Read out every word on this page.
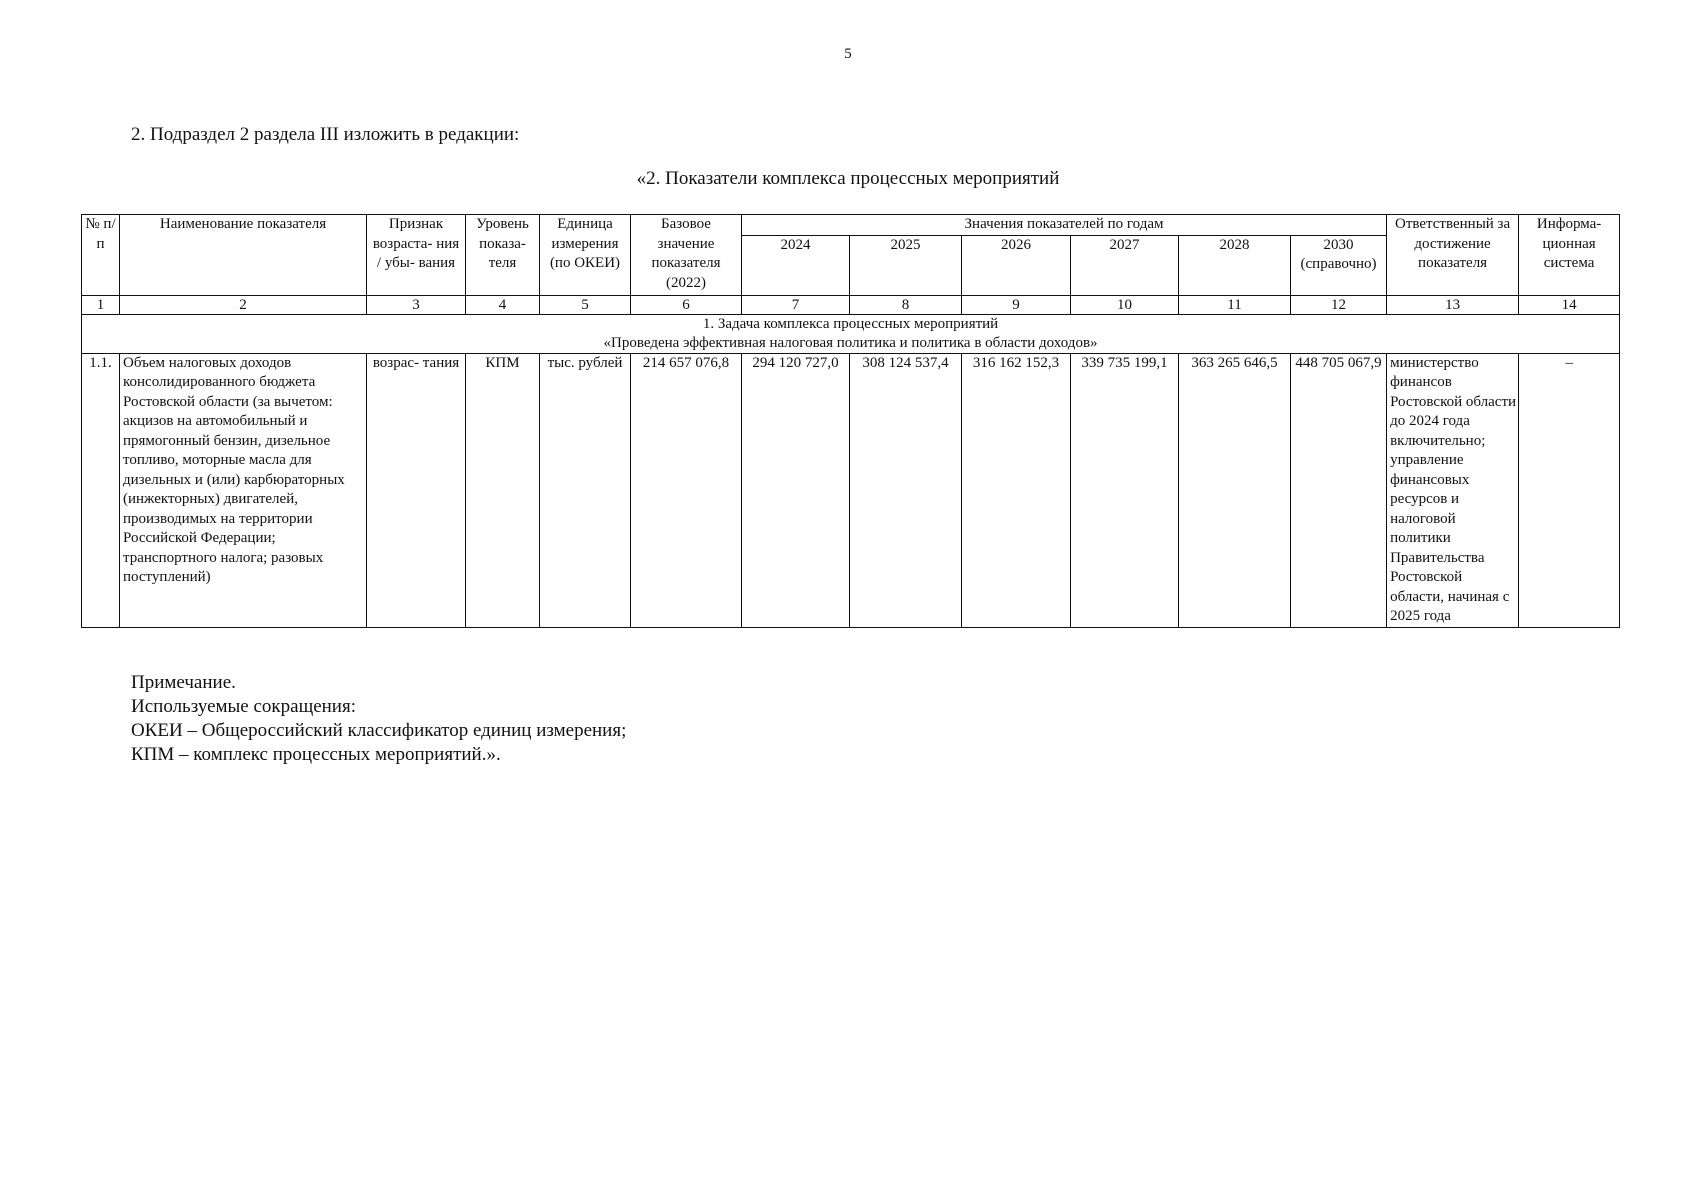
5
2. Подраздел 2 раздела III изложить в редакции:
«2. Показатели комплекса процессных мероприятий
№ п/п	Наименование показателя	Признак возраста- ния / убы- вания	Уровень показа- теля	Единица измерения (по ОКЕИ)	Базовое значение показателя (2022)	Значения показателей по годам						Ответственный за достижение показателя	Информа- ционная система
						2024	2025	2026	2027	2028	2030 (справочно)		
1	2	3	4	5	6	7	8	9	10	11	12	13	14

1. Задача комплекса процессных мероприятий
«Проведена эффективная налоговая политика и политика в области доходов»													

1.1.	Объем налоговых доходов консолидированного бюджета Ростовской области (за вычетом: акцизов на автомобильный и прямогонный бензин, дизельное топливо, моторные масла для дизельных и (или) карбюраторных (инжекторных) двигателей, производимых на территории Российской Федерации; транспортного налога; разовых поступлений)	возрас- тания	КПМ	тыс. рублей	214 657 076,8	294 120 727,0	308 124 537,4	316 162 152,3	339 735 199,1	363 265 646,5	448 705 067,9	министерство финансов Ростовской области до 2024 года включительно; управление финансовых ресурсов и налоговой политики Правительства Ростовской области, начиная с 2025 года	–
Примечание.
Используемые сокращения:
ОКЕИ – Общероссийский классификатор единиц измерения;
КПМ – комплекс процессных мероприятий.».
